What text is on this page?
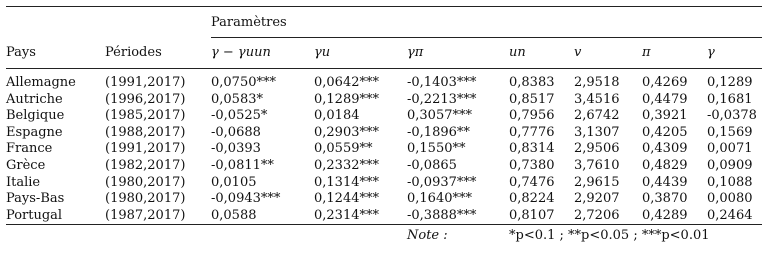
		Paramètres						

Pays	Périodes	γ − γuun	γu	γπ	un	v	π	γ

Allemagne	(1991,2017)	0,0750***	0,0642***	-0,1403***	0,8383	2,9518	0,4269	0,1289
Autriche	(1996,2017)	0,0583*	0,1289***	-0,2213***	0,8517	3,4516	0,4479	0,1681
Belgique	(1985,2017)	-0,0525*	0,0184	0,3057***	0,7956	2,6742	0,3921	-0,0378
Espagne	(1988,2017)	-0,0688	0,2903***	-0,1896**	0,7776	3,1307	0,4205	0,1569
France	(1991,2017)	-0,0393	0,0559**	0,1550**	0,8314	2,9506	0,4309	0,0071
Grèce	(1982,2017)	-0,0811**	0,2332***	-0,0865	0,7380	3,7610	0,4829	0,0909
Italie	(1980,2017)	0,0105	0,1314***	-0,0937***	0,7476	2,9615	0,4439	0,1088
Pays-Bas	(1980,2017)	-0,0943***	0,1244***	0,1640***	0,8224	2,9207	0,3870	0,0080
Portugal	(1987,2017)	0,0588	0,2314***	-0,3888***	0,8107	2,7206	0,4289	0,2464

				Note :	*p<0.1 ; **p<0.05 ; ***p<0.01			
